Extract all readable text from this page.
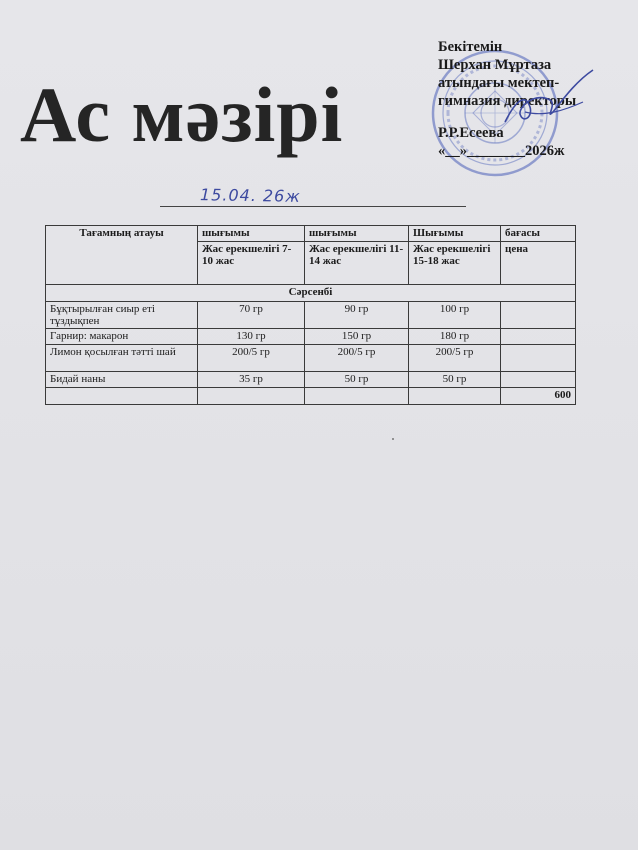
Ас мәзірі
Бекітемін
Шерхан Мұртаза
атындағы мектеп-
гимназия директоры
Р.Р.Есеева
«__»________2026ж
15.04. 26ж
Тағамның атауы	шығымы	шығымы	Шығымы	бағасы
	Жас ерекшелігі 7-10 жас	Жас ерекшелігі 11-14 жас	Жас ерекшелігі 15-18 жас	цена
Сәрсенбі				
Бұқтырылған сиыр еті тұздықпен	70 гр	90 гр	100 гр	
Гарнир: макарон	130 гр	150 гр	180 гр	
Лимон қосылған тәтті шай	200/5 гр	200/5 гр	200/5 гр	
Бидай наны	35 гр	50 гр	50 гр	
				600
